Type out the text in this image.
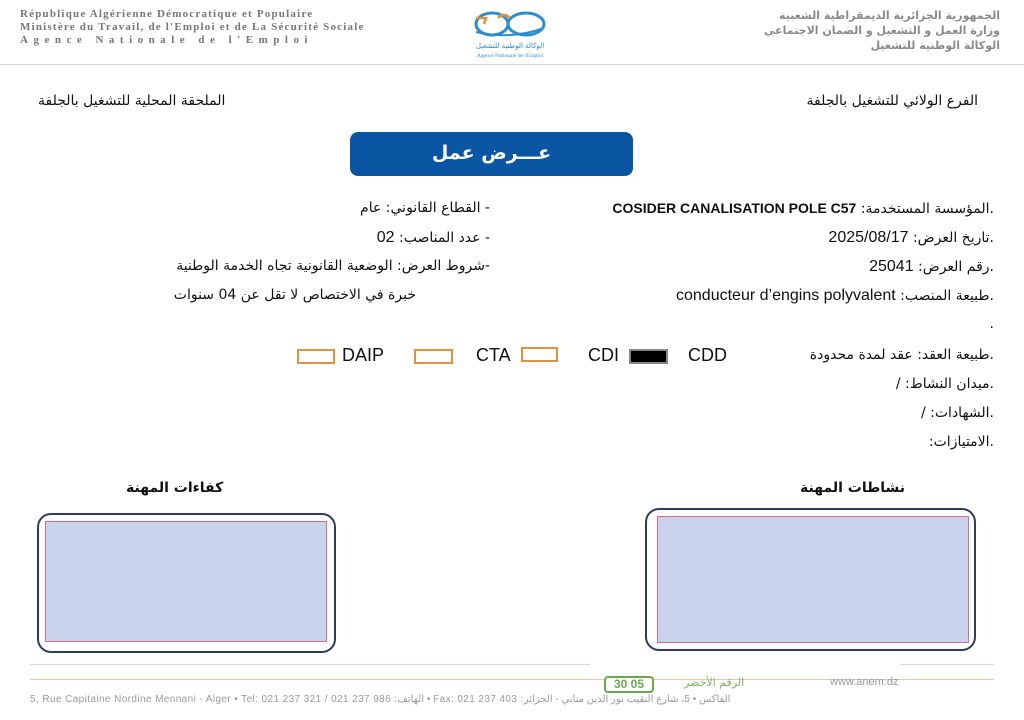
République Algérienne Démocratique et Populaire
Ministère du Travail, de l'Emploi et de La Sécurité Sociale
Agence Nationale de l'Emploi	الوكالة الوطنية للتشغيل
Agence Nationale de l'Emploi
الجمهورية الجزائرية الديمقراطية الشعبية
وزارة العمل و التشغيل و الضمان الاجتماعي
الوكالة الوطنية للتشغيل
الفرع الولائي للتشغيل بالجلفة
الملحقة المحلية للتشغيل بالجلفة
عـــرض عمل
.المؤسسة المستخدمة: COSIDER CANALISATION POLE C57
.تاريخ العرض: 2025/08/17
.رقم العرض: 25041
.طبيعة المنصب: conducteur d’engins polyvalent
.
- القطاع القانوني: عام
- عدد المناصب: 02
-شروط العرض: الوضعية القانونية تجاه الخدمة الوطنية
خبرة في الاختصاص لا تقل عن 04 سنوات
.طبيعة العقد: عقد لمدة محدودة
CDD
CDI
CTA
DAIP
.ميدان النشاط: /
.الشهادات: /
.الامتيازات:
نشاطات المهنة
كفاءات المهنة
30 05	الرقم الأخضر	www.anem.dz
5, Rue Capitaine Nordine Mennani - Alger • Tel: 021 237 321 / 021 237 986 :الهاتف • Fax: 021 237 403 :الفاكس • 5، شارع النقيب نور الدين مناني - الجزائر
